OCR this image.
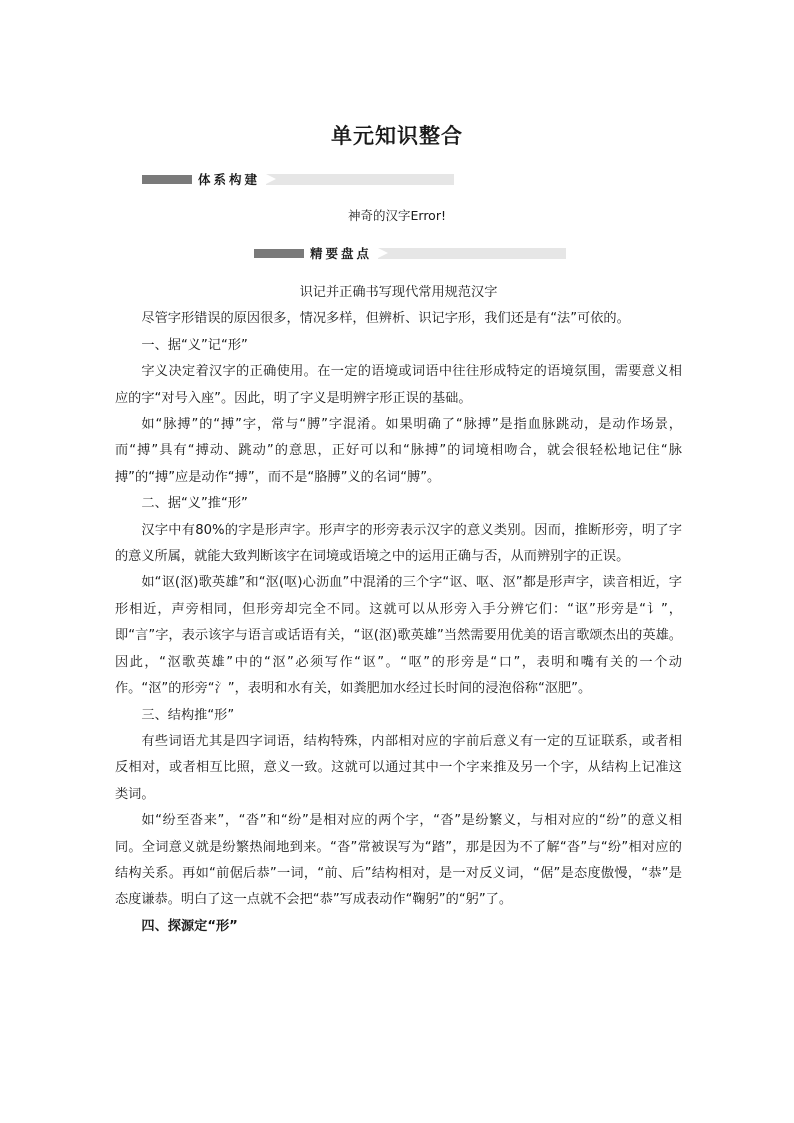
单元知识整合
体系构建
神奇的汉字Error!
精要盘点

识记并正确书写现代常用规范汉字

尽管字形错误的原因很多，情况多样，但辨析、识记字形，我们还是有“法”可依的。

一、据“义”记“形”

字义决定着汉字的正确使用。在一定的语境或词语中往往形成特定的语境氛围，需要意义相应的字“对号入座”。因此，明了字义是明辨字形正误的基础。

如“脉搏”的“搏”字，常与“膊”字混淆。如果明确了“脉搏”是指血脉跳动，是动作场景，而“搏”具有“搏动、跳动”的意思，正好可以和“脉搏”的词境相吻合，就会很轻松地记住“脉搏”的“搏”应是动作“搏”，而不是“胳膊”义的名词“膊”。

二、据“义”推“形”

汉字中有80%的字是形声字。形声字的形旁表示汉字的意义类别。因而，推断形旁，明了字的意义所属，就能大致判断该字在词境或语境之中的运用正确与否，从而辨别字的正误。

如“讴(沤)歌英雄”和“沤(呕)心沥血”中混淆的三个字“讴、呕、沤”都是形声字，读音相近，字形相近，声旁相同，但形旁却完全不同。这就可以从形旁入手分辨它们：“讴”形旁是“讠”，即“言”字，表示该字与语言或话语有关，“讴(沤)歌英雄”当然需要用优美的语言歌颂杰出的英雄。因此，“沤歌英雄”中的“沤”必须写作“讴”。“呕”的形旁是“口”，表明和嘴有关的一个动作。“沤”的形旁“氵”，表明和水有关，如粪肥加水经过长时间的浸泡俗称“沤肥”。

三、结构推“形”

有些词语尤其是四字词语，结构特殊，内部相对应的字前后意义有一定的互证联系，或者相反相对，或者相互比照，意义一致。这就可以通过其中一个字来推及另一个字，从结构上记准这类词。

如“纷至沓来”，“沓”和“纷”是相对应的两个字，“沓”是纷繁义，与相对应的“纷”的意义相同。全词意义就是纷繁热闹地到来。“沓”常被误写为“踏”，那是因为不了解“沓”与“纷”相对应的结构关系。再如“前倨后恭”一词，“前、后”结构相对，是一对反义词，“倨”是态度傲慢，“恭”是态度谦恭。明白了这一点就不会把“恭”写成表动作“鞠躬”的“躬”了。

四、探源定“形”
